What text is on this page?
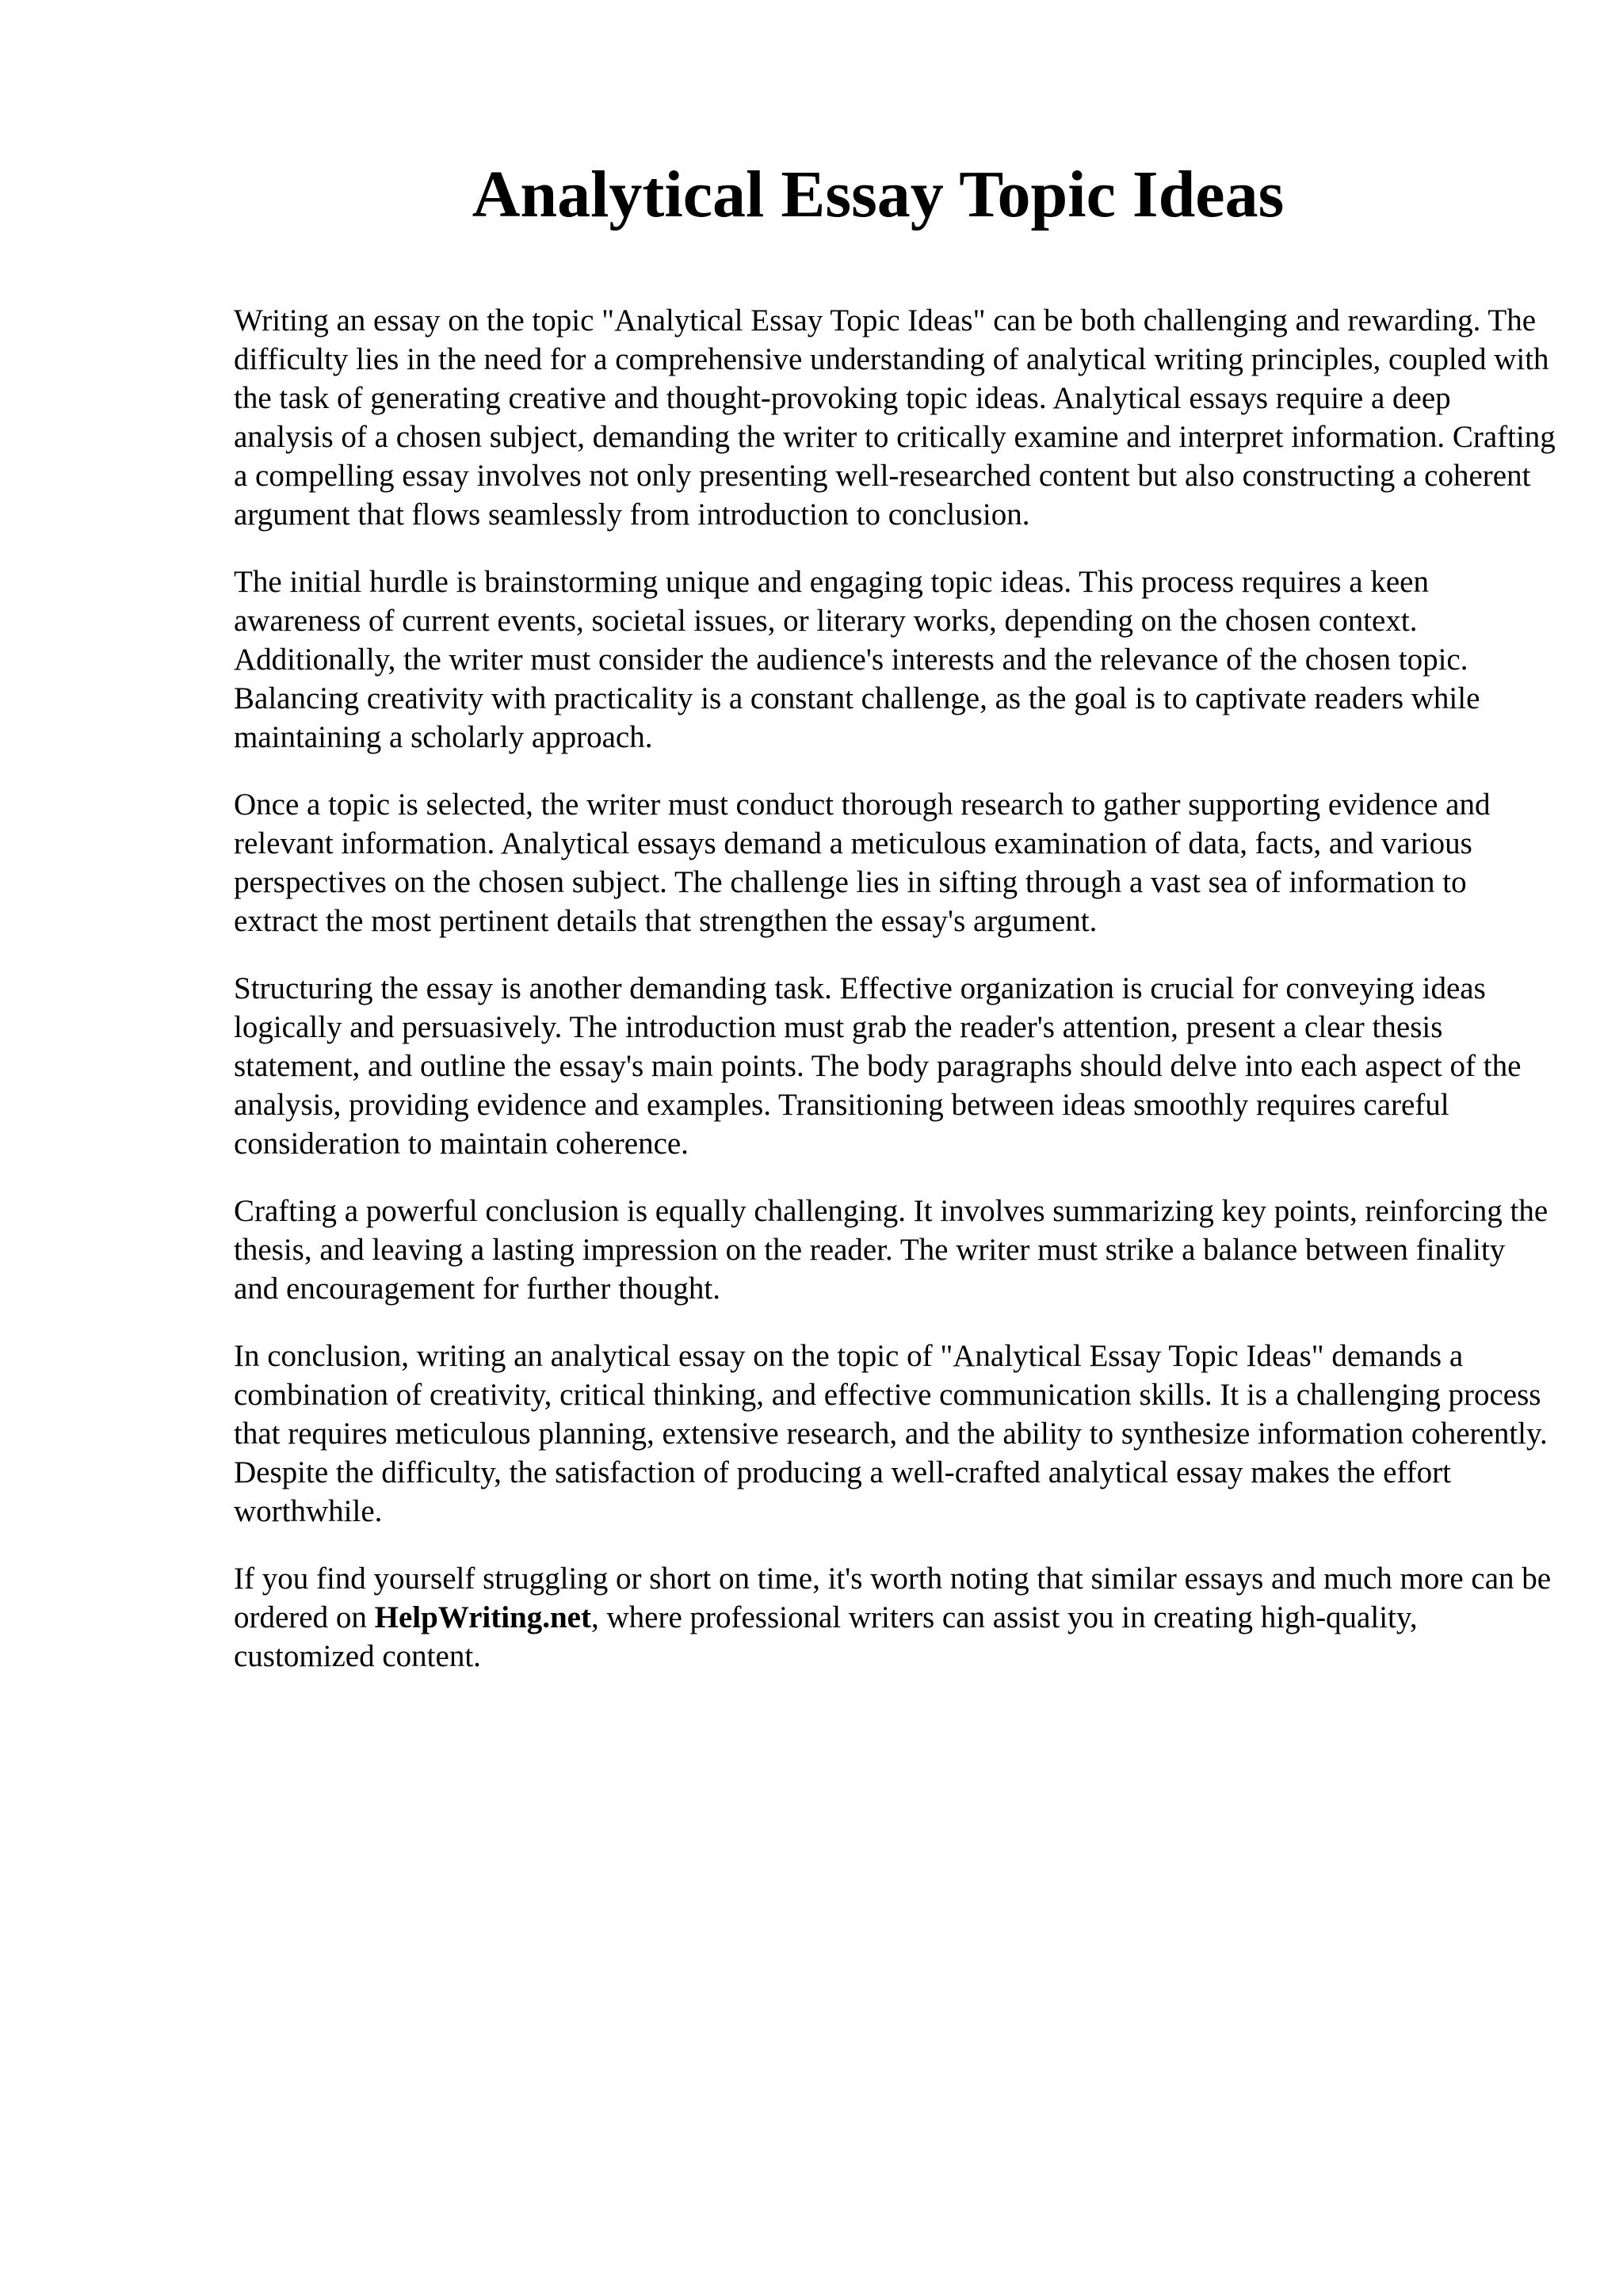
Analytical Essay Topic Ideas

Writing an essay on the topic "Analytical Essay Topic Ideas" can be both challenging and rewarding. The difficulty lies in the need for a comprehensive understanding of analytical writing principles, coupled with the task of generating creative and thought-provoking topic ideas. Analytical essays require a deep analysis of a chosen subject, demanding the writer to critically examine and interpret information. Crafting a compelling essay involves not only presenting well-researched content but also constructing a coherent argument that flows seamlessly from introduction to conclusion.

The initial hurdle is brainstorming unique and engaging topic ideas. This process requires a keen awareness of current events, societal issues, or literary works, depending on the chosen context. Additionally, the writer must consider the audience's interests and the relevance of the chosen topic. Balancing creativity with practicality is a constant challenge, as the goal is to captivate readers while maintaining a scholarly approach.

Once a topic is selected, the writer must conduct thorough research to gather supporting evidence and relevant information. Analytical essays demand a meticulous examination of data, facts, and various perspectives on the chosen subject. The challenge lies in sifting through a vast sea of information to extract the most pertinent details that strengthen the essay's argument.

Structuring the essay is another demanding task. Effective organization is crucial for conveying ideas logically and persuasively. The introduction must grab the reader's attention, present a clear thesis statement, and outline the essay's main points. The body paragraphs should delve into each aspect of the analysis, providing evidence and examples. Transitioning between ideas smoothly requires careful consideration to maintain coherence.

Crafting a powerful conclusion is equally challenging. It involves summarizing key points, reinforcing the thesis, and leaving a lasting impression on the reader. The writer must strike a balance between finality and encouragement for further thought.

In conclusion, writing an analytical essay on the topic of "Analytical Essay Topic Ideas" demands a combination of creativity, critical thinking, and effective communication skills. It is a challenging process that requires meticulous planning, extensive research, and the ability to synthesize information coherently. Despite the difficulty, the satisfaction of producing a well-crafted analytical essay makes the effort worthwhile.

If you find yourself struggling or short on time, it's worth noting that similar essays and much more can be ordered on HelpWriting.net, where professional writers can assist you in creating high-quality, customized content.
